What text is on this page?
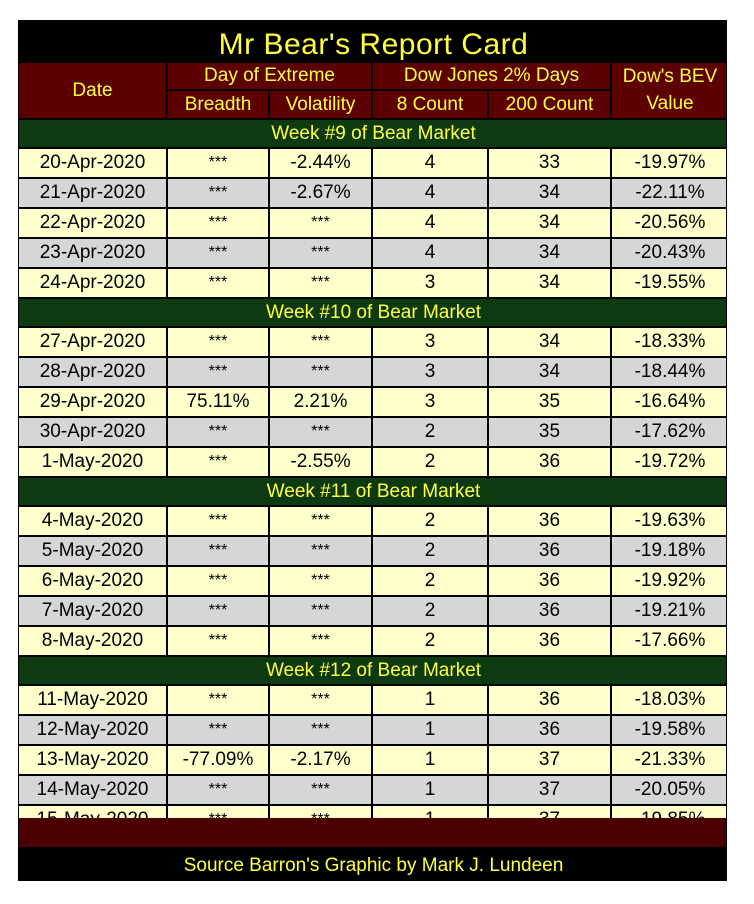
Mr Bear's Report Card
Date
Day of Extreme
Breadth	Volatility
Dow Jones 2% Days
8 Count	200 Count
Dow's BEV
Value
Week #9 of Bear Market
20-Apr-2020	***	-2.44%	4	33	-19.97%
21-Apr-2020	***	-2.67%	4	34	-22.11%
22-Apr-2020	***	***	4	34	-20.56%
23-Apr-2020	***	***	4	34	-20.43%
24-Apr-2020	***	***	3	34	-19.55%
Week #10 of Bear Market
27-Apr-2020	***	***	3	34	-18.33%
28-Apr-2020	***	***	3	34	-18.44%
29-Apr-2020	75.11%	2.21%	3	35	-16.64%
30-Apr-2020	***	***	2	35	-17.62%
1-May-2020	***	-2.55%	2	36	-19.72%
Week #11 of Bear Market
4-May-2020	***	***	2	36	-19.63%
5-May-2020	***	***	2	36	-19.18%
6-May-2020	***	***	2	36	-19.92%
7-May-2020	***	***	2	36	-19.21%
8-May-2020	***	***	2	36	-17.66%
Week #12 of Bear Market
11-May-2020	***	***	1	36	-18.03%
12-May-2020	***	***	1	36	-19.58%
13-May-2020	-77.09%	-2.17%	1	37	-21.33%
14-May-2020	***	***	1	37	-20.05%
Source Barron's Graphic by Mark J. Lundeen
